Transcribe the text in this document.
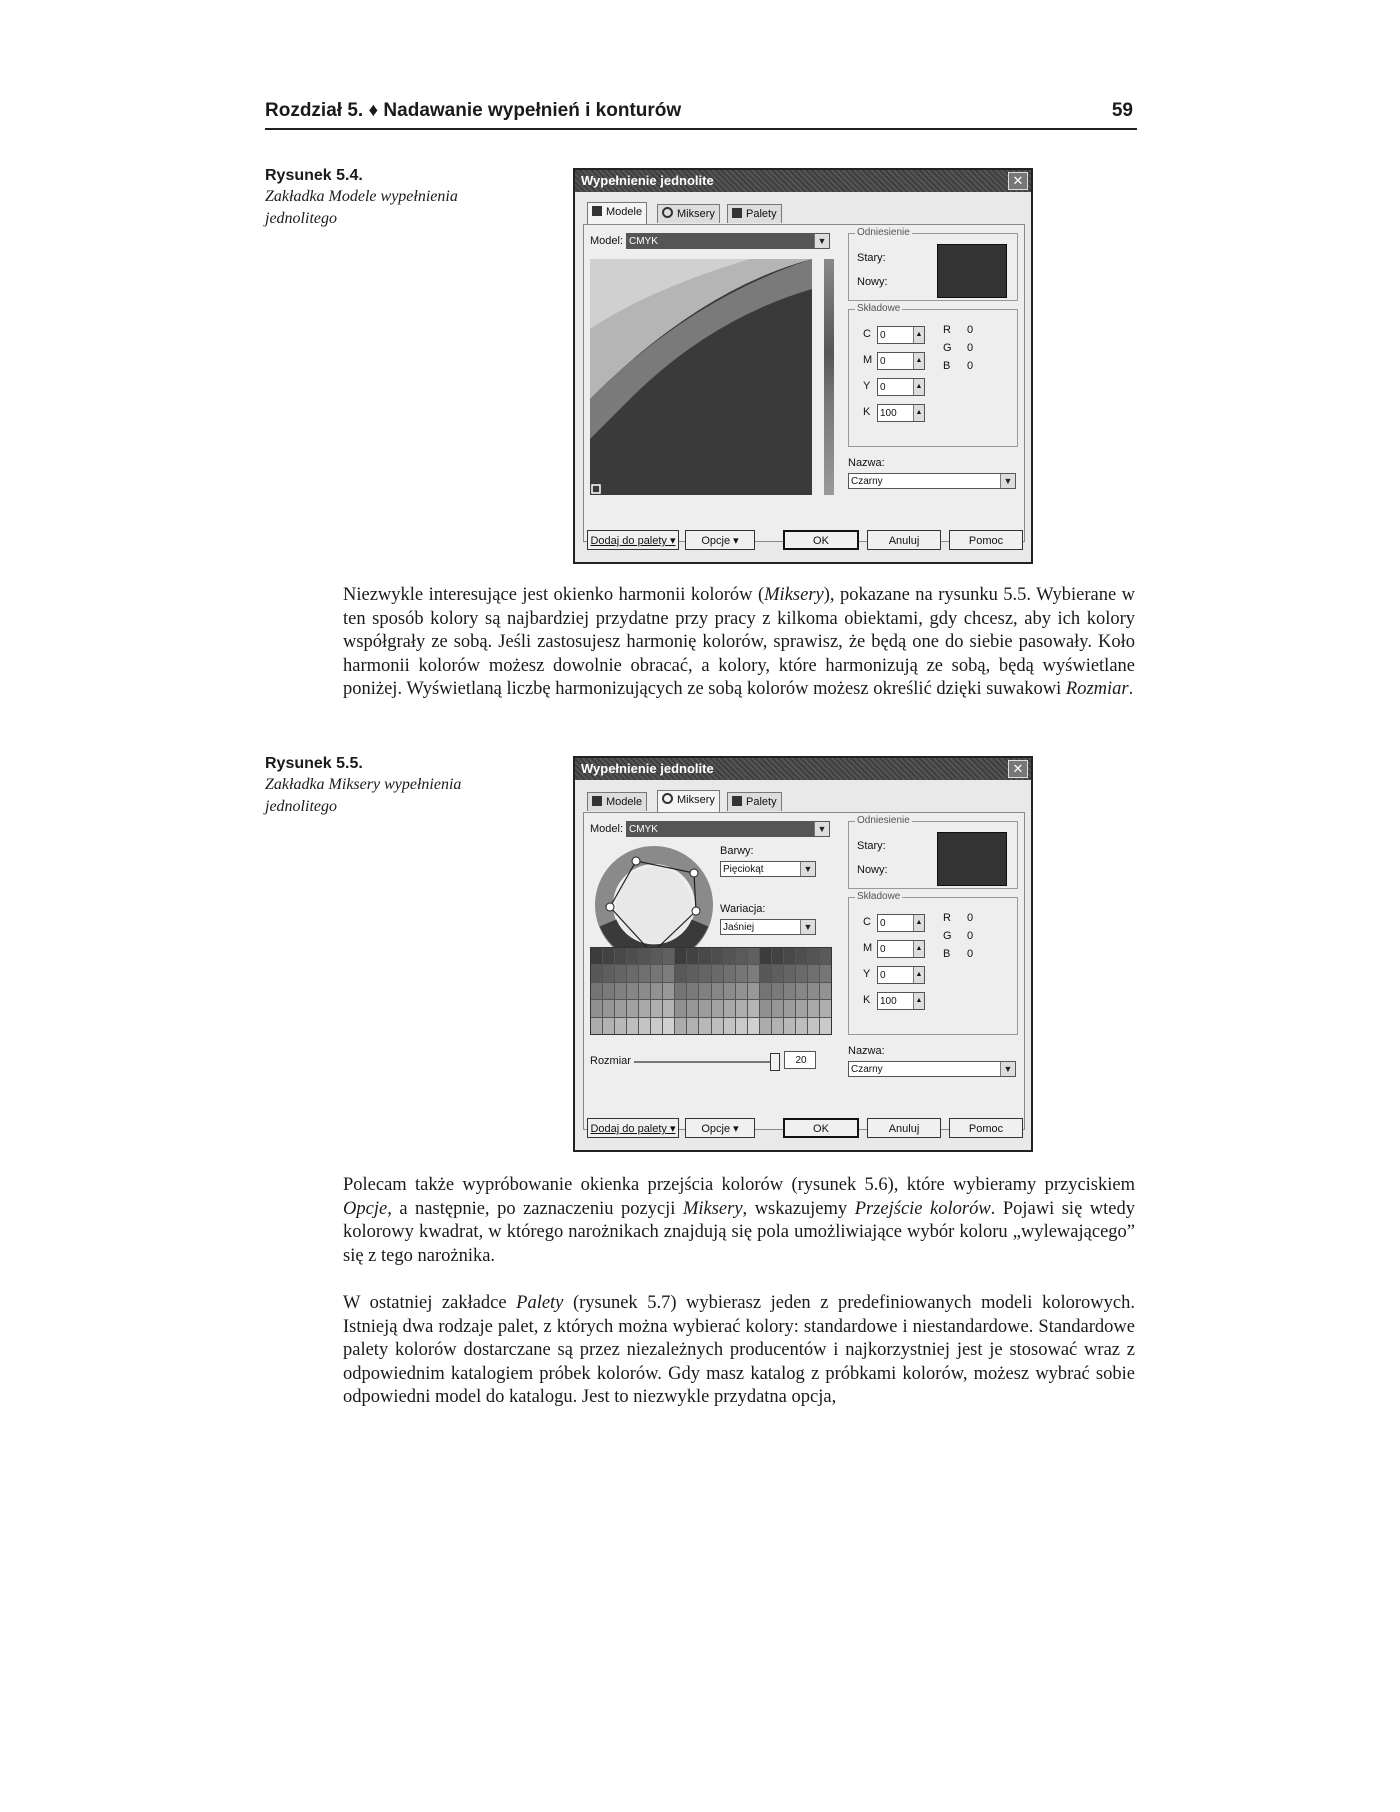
Rozdział 5. ♦ Nadawanie wypełnień i konturów	59
Rysunek 5.4.
Zakładka Modele wypełnienia jednolitego
Wypełnienie jednolite	✕
Modele	Miksery	Palety
Model: CMYK	▼
Odniesienie
Stary:
Nowy:
Składowe
C 0	▲
M 0	▲
Y 0	▲
K 100	▲
R 0
G 0
B 0
Nazwa:
Czarny	▼
Dodaj do palety ▾	Opcje ▾	OK	Anuluj	Pomoc
Niezwykle interesujące jest okienko harmonii kolorów (Miksery), pokazane na rysunku 5.5. Wybierane w ten sposób kolory są najbardziej przydatne przy pracy z kilkoma obiektami, gdy chcesz, aby ich kolory współgrały ze sobą. Jeśli zastosujesz harmonię kolorów, sprawisz, że będą one do siebie pasowały. Koło harmonii kolorów możesz dowolnie obracać, a kolory, które harmonizują ze sobą, będą wyświetlane poniżej. Wyświetlaną liczbę harmonizujących ze sobą kolorów możesz określić dzięki suwakowi Rozmiar.
Rysunek 5.5.
Zakładka Miksery wypełnienia jednolitego
Wypełnienie jednolite	✕
Modele	Miksery	Palety
Model: CMYK	▼
Barwy:
Pięciokąt	▼
Wariacja:
Jaśniej	▼
Rozmiar	20
Odniesienie
Stary:
Nowy:
Składowe
C 0	▲
M 0	▲
Y 0	▲
K 100	▲
R 0
G 0
B 0
Nazwa:
Czarny	▼
Dodaj do palety ▾	Opcje ▾	OK	Anuluj	Pomoc
Polecam także wypróbowanie okienka przejścia kolorów (rysunek 5.6), które wybieramy przyciskiem Opcje, a następnie, po zaznaczeniu pozycji Miksery, wskazujemy Przejście kolorów. Pojawi się wtedy kolorowy kwadrat, w którego narożnikach znajdują się pola umożliwiające wybór koloru „wylewającego” się z tego narożnika.
W ostatniej zakładce Palety (rysunek 5.7) wybierasz jeden z predefiniowanych modeli kolorowych. Istnieją dwa rodzaje palet, z których można wybierać kolory: standardowe i niestandardowe. Standardowe palety kolorów dostarczane są przez niezależnych producentów i najkorzystniej jest je stosować wraz z odpowiednim katalogiem próbek kolorów. Gdy masz katalog z próbkami kolorów, możesz wybrać sobie odpowiedni model do katalogu. Jest to niezwykle przydatna opcja,
